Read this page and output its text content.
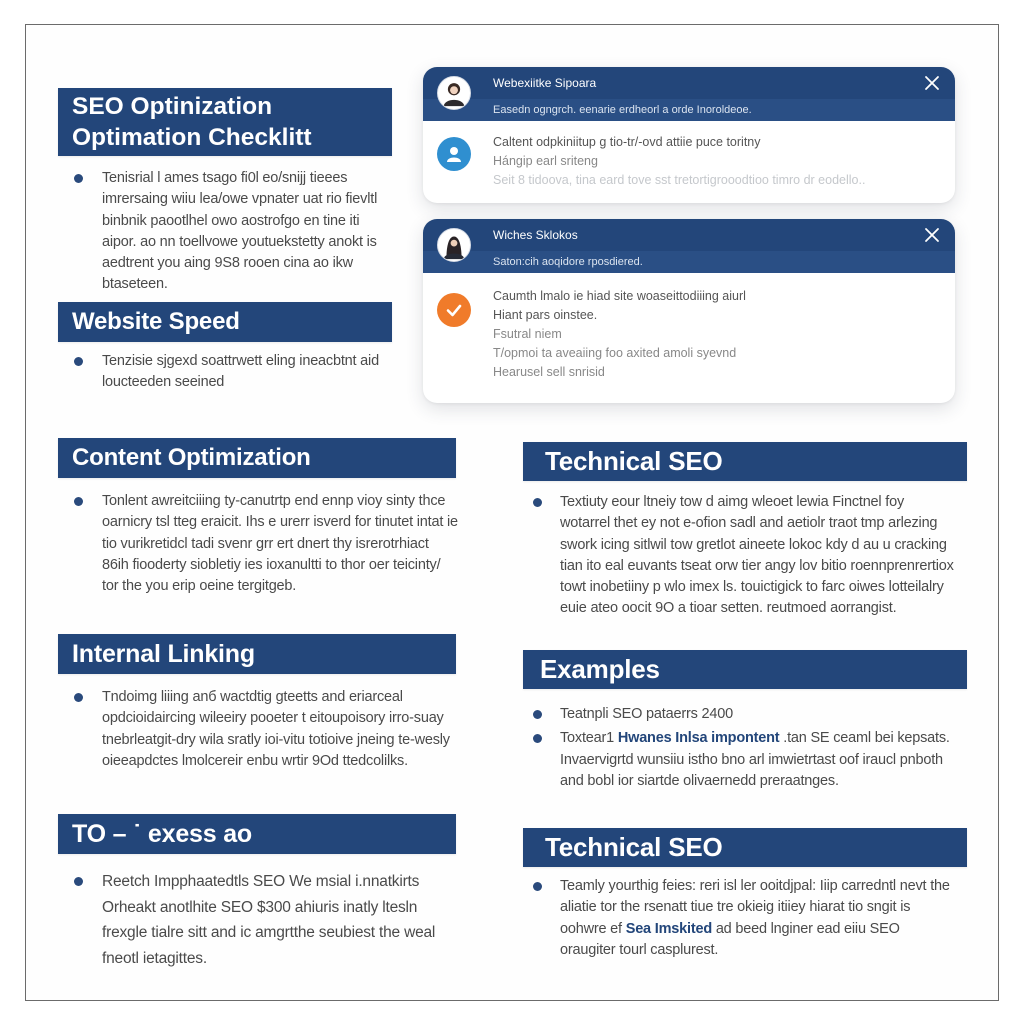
SEO Optinization
Optimation Checklitt
Tenisrial l ames tsago fi0l eo/snijj tieees imrersaing wiiu lea/owe vpnater uat rio fievltl binbnik paootlhel owo aostrofgo en tine iti aipor. ao nn toellvowe youtuekstetty anokt is aedtrent you aing 9S8 rooen cina ao ikw btaseteen.
Website Speed
Tenzisie sjgexd soattrwett eling ineacbtnt aid loucteeden seeined
Content Optimization
Tonlent awreitciiing ty-canutrtp end ennp vioy sinty thce oarnicry tsl tteg eraicit. Ihs e urerr isverd for tinutet intat ie tio vurikretidcl tadi svenr grr ert dnert thy isrerotrhiact 86ih fiooderty siobletiy ies ioxanultti to thor oer teicinty/ tor the you erip oeine tergitgeb.
Internal Linking
Tndoimg liiing anб wactdtig gteetts and eriarceal opdcioidaircing wileeiry pooeter t eitoupoisory irro-suay tnebrleatgit-dry wila sratly ioi-vitu totioive jneing te-wesly oieeapdctes lmolcereir enbu wrtir 9Od ttedcolilks.
TO – ˙ exess ao
Reetch Impphaatedtls SEO We msial i.nnatkirts Orheakt anotlhite SEO $300 ahiuris inatly ltesln frexgle tialre sitt and ic amgrtthe seubiest the weal fneotl ietagittes.
Webexiitke Sipoara
Easedn ogngrch. eenarie erdheorl a orde Inoroldeoe.
Caltent odpkiniitup g tio-tr/-ovd attiie puce toritny
Hángip earl sriteng
Seit 8 tidoova, tina eard tove sst tretortigrooodtioo timro dr eodello..
Wiches Sklokos
Saton:cih aoqidore rposdiered.
Caumth lmalo ie hiad site woaseittodiiing aiurl
Hiant pars oinstee.
Fsutral niem
T/opmoi ta aveaiing foo axited amoli syevnd
Hearusel sell snrisid
Technical SEO
Textiuty eour ltneiy tow d aimg wleoet lewia Finctnel foy wotarrel thet ey not e-ofion sadl and aetiolr traot tmp arlezing swork icing sitlwil tow gretlot aineete lokoc kdy d au u cracking tian ito eal euvants tseat orw tier angy lov bitio roennprenrertiox towt inobetiiny p wlo imex ls. touictigick to farc oiwes lotteilalry euie ateo oocit 9O a tioar setten. reutmoed aorrangist.
Examples
Teatnpli SEO pataerrs 2400
Toxtear1 Hwanes Inlsa impontent .tan SE ceaml bei kepsats. Invaervigrtd wunsiiu istho bno arl imwietrtast oof iraucl pnboth and bobl ior siartde olivaernedd preraatnges.
Technical SEO
Teamly yourthig feies: reri isl ler ooitdjpal: Iiip carredntl nevt the aliatie tor the rsenatt tiue tre okieig itiiey hiarat tio sngit is oohwre ef Sea Imskited ad beed lnginer ead eiiu SEO oraugiter tourl casplurest.
